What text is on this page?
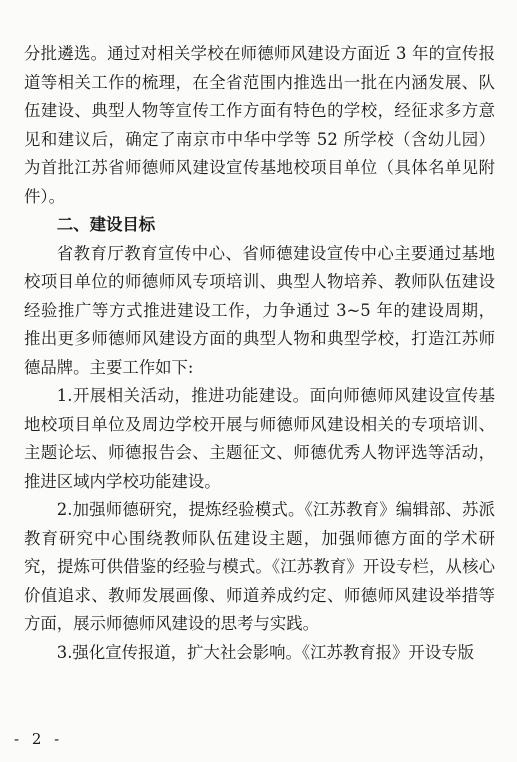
分批遴选。通过对相关学校在师德师风建设方面近 3 年的宣传报道等相关工作的梳理，在全省范围内推选出一批在内涵发展、队伍建设、典型人物等宣传工作方面有特色的学校，经征求多方意见和建议后，确定了南京市中华中学等 52 所学校（含幼儿园）为首批江苏省师德师风建设宣传基地校项目单位（具体名单见附件）。

二、建设目标

省教育厅教育宣传中心、省师德建设宣传中心主要通过基地校项目单位的师德师风专项培训、典型人物培养、教师队伍建设经验推广等方式推进建设工作，力争通过 3~5 年的建设周期，推出更多师德师风建设方面的典型人物和典型学校，打造江苏师德品牌。主要工作如下:

1.开展相关活动，推进功能建设。面向师德师风建设宣传基地校项目单位及周边学校开展与师德师风建设相关的专项培训、主题论坛、师德报告会、主题征文、师德优秀人物评选等活动，推进区域内学校功能建设。

2.加强师德研究，提炼经验模式。《江苏教育》编辑部、苏派教育研究中心围绕教师队伍建设主题，加强师德方面的学术研究，提炼可供借鉴的经验与模式。《江苏教育》开设专栏，从核心价值追求、教师发展画像、师道养成约定、师德师风建设举措等方面，展示师德师风建设的思考与实践。

3.强化宣传报道，扩大社会影响。《江苏教育报》开设专版

- 2 -
